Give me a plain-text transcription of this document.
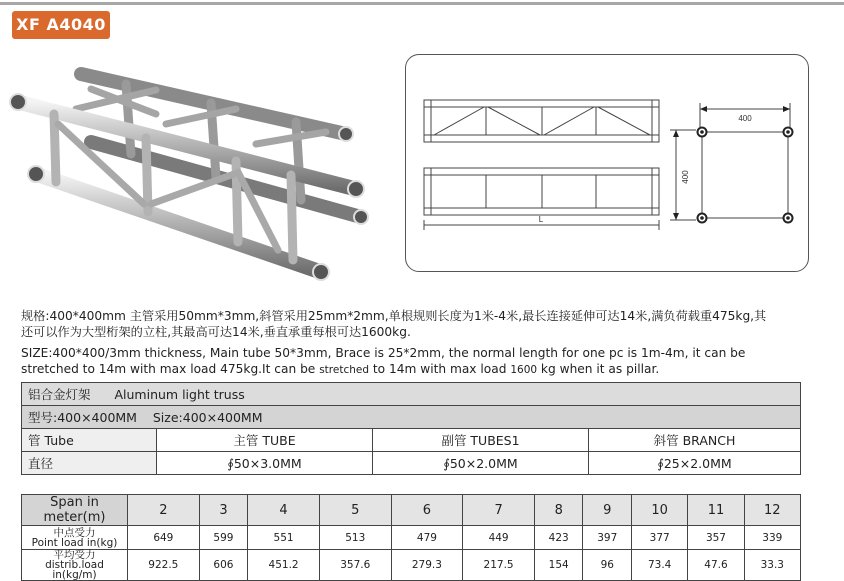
XF A4040
400
400
L
规格:400*400mm 主管采用50mm*3mm,斜管采用25mm*2mm,单根规则长度为1米-4米,最长连接延伸可达14米,满负荷载重475kg,其
还可以作为大型桁架的立柱,其最高可达14米,垂直承重每根可达1600kg.
SIZE:400*400/3mm thickness, Main tube 50*3mm, Brace is 25*2mm, the normal length for one pc is 1m-4m, it can be
stretched to 14m with max load 475kg.It can be stretched to 14m with max load 1600 kg when it as pillar.
铝合金灯架 Aluminum light truss			
型号:400×400MM    Size:400×400MM			
管 Tube	主管 TUBE	副管 TUBES1	斜管 BRANCH
直径	∮50×3.0MM	∮50×2.0MM	∮25×2.0MM
Span in meter(m)	2	3	4	5	6	7	8	9	10	11	12

中点受力
Point load in(kg)	649	599	551	513	479	449	423	397	377	357	339

平均受力
distrib.load in(kg/m)	922.5	606	451.2	357.6	279.3	217.5	154	96	73.4	47.6	33.3
